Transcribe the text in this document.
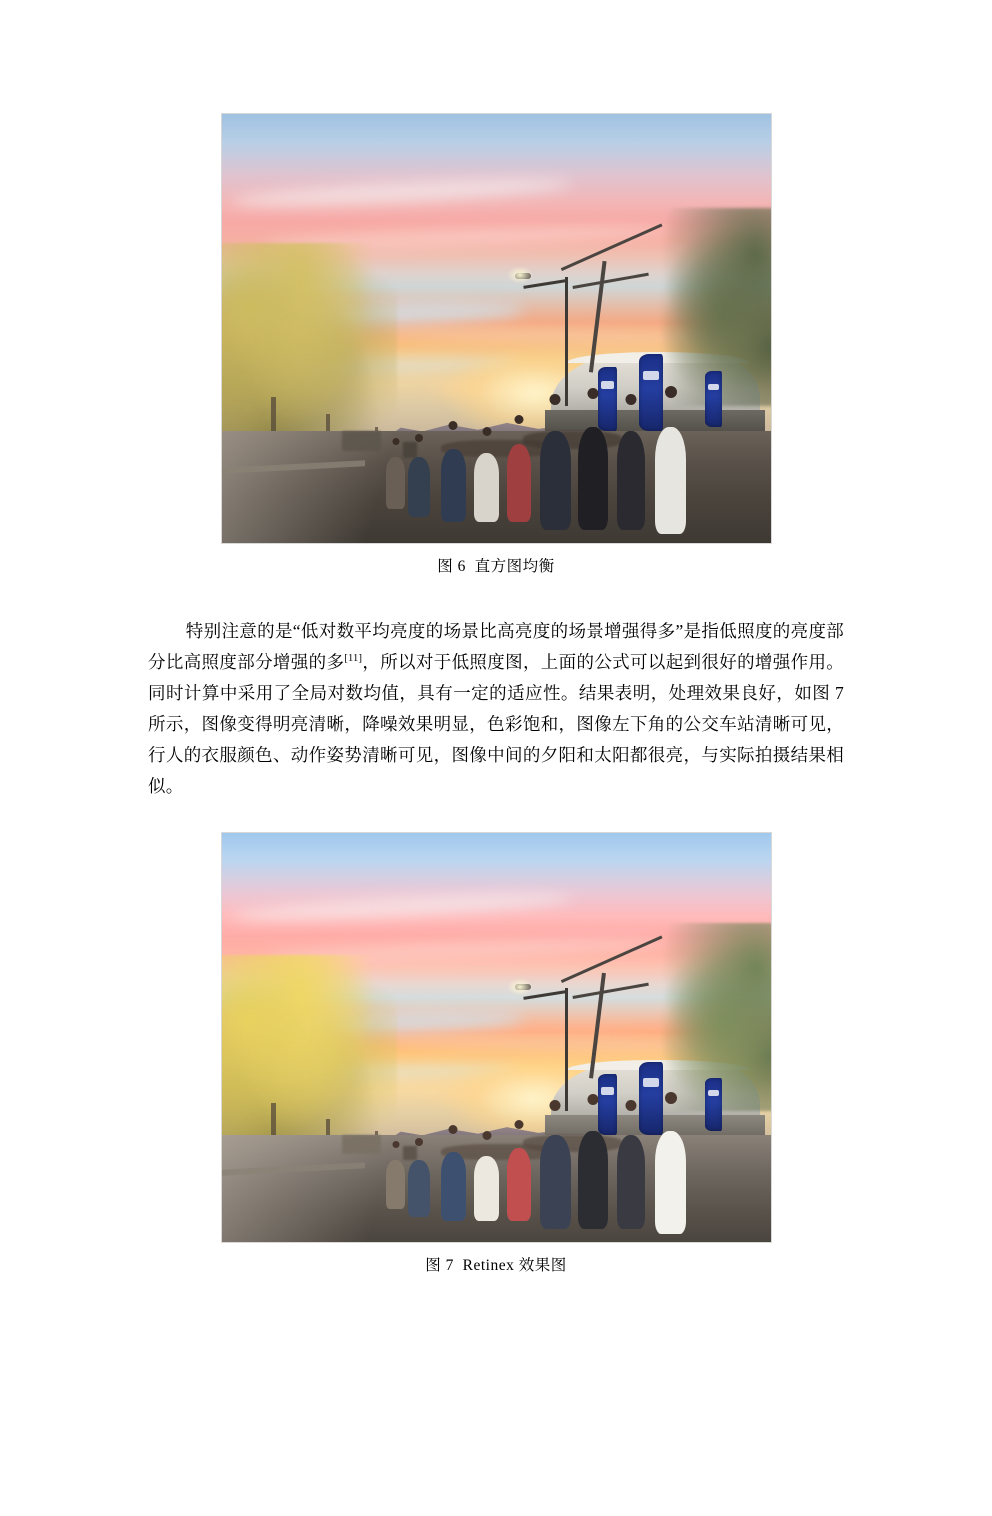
图 6  直方图均衡

特别注意的是“低对数平均亮度的场景比高亮度的场景增强得多”是指低照度的亮度部分比高照度部分增强的多[11]，所以对于低照度图，上面的公式可以起到很好的增强作用。同时计算中采用了全局对数均值，具有一定的适应性。结果表明，处理效果良好，如图 7 所示，图像变得明亮清晰，降噪效果明显，色彩饱和，图像左下角的公交车站清晰可见，行人的衣服颜色、动作姿势清晰可见，图像中间的夕阳和太阳都很亮，与实际拍摄结果相似。

图 7  Retinex 效果图
